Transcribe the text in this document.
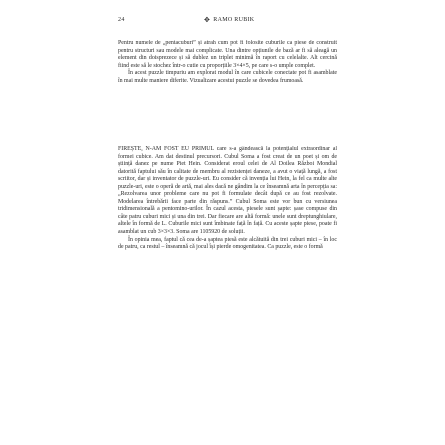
24	✥ RAMO RUBIK

Pentru numele de „pentacuburi” și atrah cum pot fi folosite cuburile ca piese de construit pentru structuri sau modele mai complicate. Una dintre opțiunile de bază ar fi să aleagă un element din doisprezece și să dublez un triplet minimă în raport cu celelalte. Alt cercină fiind este să le stochez într-o cutie cu proporțiile 3×4×5, pe care s-o umple complet.

În acest puzzle timpuriu am explorat modul în care cubicele conectate pot fi asamblate în mai multe maniere diferite. Vizualizare acestui puzzle se dovedea frumoasă.

FIREȘTE, N-AM FOST EU PRIMUL care s-a gândească la potențialul extraordinar al formei cubice. Am dat destinul precursori. Cubul Soma a fost creat de un poet și om de știință danez pe nume Piet Hein. Considerat eroul celei de Al Doilea Război Mondial datorită faptului său în calitate de membru al rezistenței daneze, a avut o viață lungă, a fost scriitor, dar și inventator de puzzle-uri. Eu consider că invenția lui Hein, la fel ca multe alte puzzle-uri, este o operă de artă, mai ales dacă ne gândim la ce înseamnă arta în percepția sa: „Rezolvarea unor probleme care nu pot fi formulate decât după ce au fost rezolvate. Modelarea întrebării face parte din răspuns.” Cubul Soma este vor bun cu versiunea tridimensională a pentomino-urilor. În cazul acesta, piesele sunt șapte: șase compuse din câte patru cuburi mici și una din trei. Dar fiecare are altă formă: unele sunt dreptunghiulare, altele în formă de L. Cuburile mici sunt îmbinate față în față. Cu aceste șapte piese, poate fi asamblat un cub 3×3×3. Soma are 1105920 de soluții.

În opinia mea, faptul că cea de-a șaptea piesă este alcătuită din trei cuburi mici – în loc de patru, ca restul – înseamnă că jocul își pierde omogenitatea. Ca puzzle, este o formă
